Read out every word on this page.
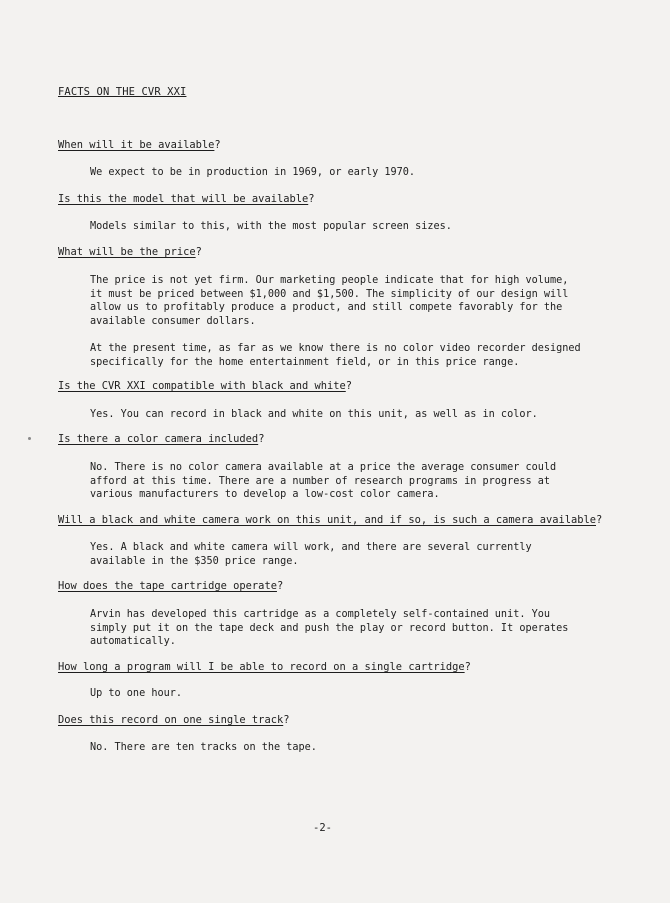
FACTS ON THE CVR XXI
When will it be available?
We expect to be in production in 1969, or early 1970.
Is this the model that will be available?
Models similar to this, with the most popular screen sizes.
What will be the price?
The price is not yet firm. Our marketing people indicate that for high volume,
it must be priced between $1,000 and $1,500. The simplicity of our design will
allow us to profitably produce a product, and still compete favorably for the
available consumer dollars.
At the present time, as far as we know there is no color video recorder designed
specifically for the home entertainment field, or in this price range.
Is the CVR XXI compatible with black and white?
Yes. You can record in black and white on this unit, as well as in color.
Is there a color camera included?
No. There is no color camera available at a price the average consumer could
afford at this time. There are a number of research programs in progress at
various manufacturers to develop a low-cost color camera.
Will a black and white camera work on this unit, and if so, is such a camera available?
Yes. A black and white camera will work, and there are several currently
available in the $350 price range.
How does the tape cartridge operate?
Arvin has developed this cartridge as a completely self-contained unit. You
simply put it on the tape deck and push the play or record button. It operates
automatically.
How long a program will I be able to record on a single cartridge?
Up to one hour.
Does this record on one single track?
No. There are ten tracks on the tape.
-2-
